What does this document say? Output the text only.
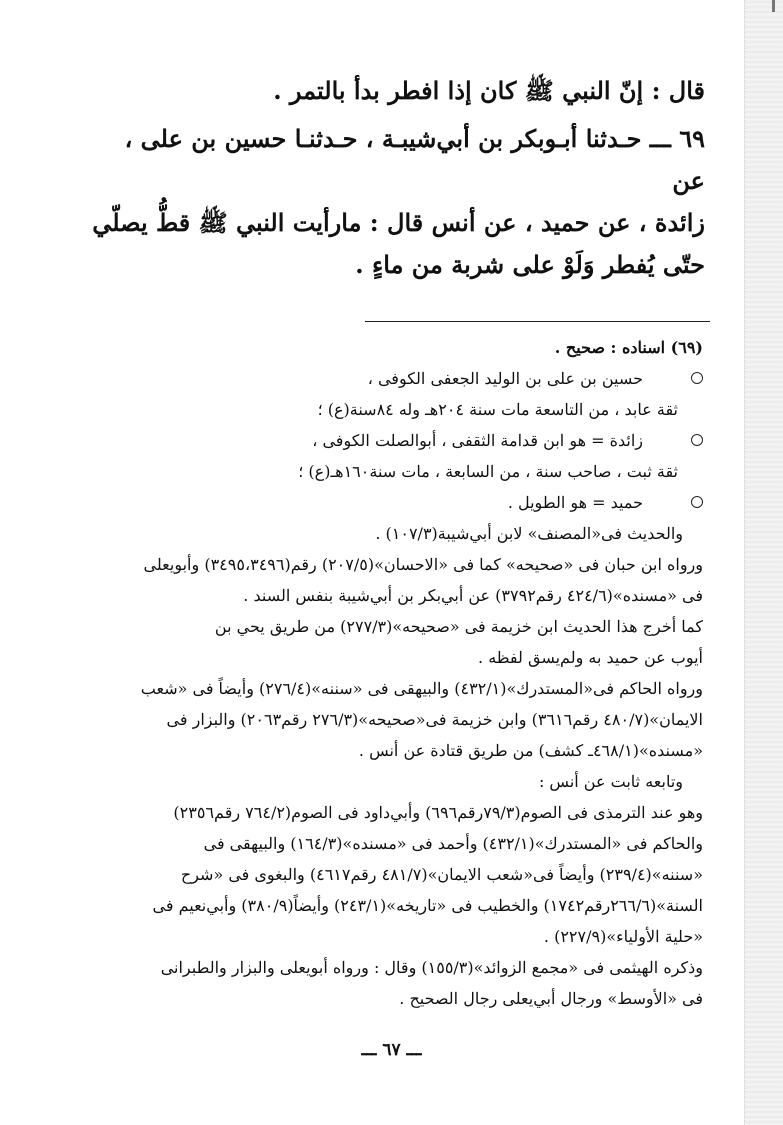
قال : إنّ النبي ﷺ كان إذا افطر بدأ بالتمر .

٦٩ ـــ حـدثنا أبـوبكر بن أبي‌شيبـة ، حـدثنـا حسين بن على ، عن

زائدة ، عن حميد ، عن أنس قال : مارأيت النبي ﷺ قطُّ يصلّي

حتّى يُفطر وَلَوْ على شربة من ماءٍ .

(٦٩) اسناده : صحيح .

حسين بن على بن الوليد الجعفى الكوفى ،

ثقة عابد ، من التاسعة مات سنة ٢٠٤هـ وله ٨٤سنة(ع) ؛

زائدة = هو ابن قدامة الثقفى ، أبوالصلت الكوفى ،

ثقة ثبت ، صاحب سنة ، من السابعة ، مات سنة١٦٠هـ(ع) ؛

حميد = هو الطويل .

والحديث فى«المصنف» لابن أبي‌شيبة(١٠٧/٣) .

ورواه ابن حبان فى «صحيحه» كما فى «الاحسان»(٢٠٧/٥) رقم(٣٤٩٥،٣٤٩٦) وأبويعلى

فى «مسنده»(٤٢٤/٦ رقم٣٧٩٢) عن أبي‌بكر بن أبي‌شيبة بنفس السند .

كما أخرج هذا الحديث ابن خزيمة فى «صحيحه»(٢٧٧/٣) من طريق يحي بن

أيوب عن حميد به ولم‌يسق لفظه .

ورواه الحاكم فى«المستدرك»(٤٣٢/١) والبيهقى فى «سننه»(٢٧٦/٤) وأيضاً فى «شعب

الايمان»(٤٨٠/٧ رقم٣٦١٦) وابن خزيمة فى«صحيحه»(٢٧٦/٣ رقم٢٠٦٣) والبزار فى

«مسنده»(٤٦٨/١ـ كشف) من طريق قتادة عن أنس .

وتابعه ثابت عن أنس :

وهو عند الترمذى فى الصوم(٧٩/٣رقم٦٩٦) وأبي‌داود فى الصوم(٧٦٤/٢ رقم٢٣٥٦)

والحاكم فى «المستدرك»(٤٣٢/١) وأحمد فى «مسنده»(١٦٤/٣) والبيهقى فى

«سننه»(٢٣٩/٤) وأيضاً فى«شعب الايمان»(٤٨١/٧ رقم٤٦١٧) والبغوى فى «شرح

السنة»(٢٦٦/٦رقم١٧٤٢) والخطيب فى «تاريخه»(٢٤٣/١) وأيضاً(٣٨٠/٩) وأبي‌نعيم فى

«حلية الأولياء»(٢٢٧/٩) .

وذكره الهيثمى فى «مجمع الزوائد»(١٥٥/٣) وقال : ورواه أبويعلى والبزار والطبرانى

فى «الأوسط» ورجال أبي‌يعلى رجال الصحيح .

ـــ ٦٧ ـــ
